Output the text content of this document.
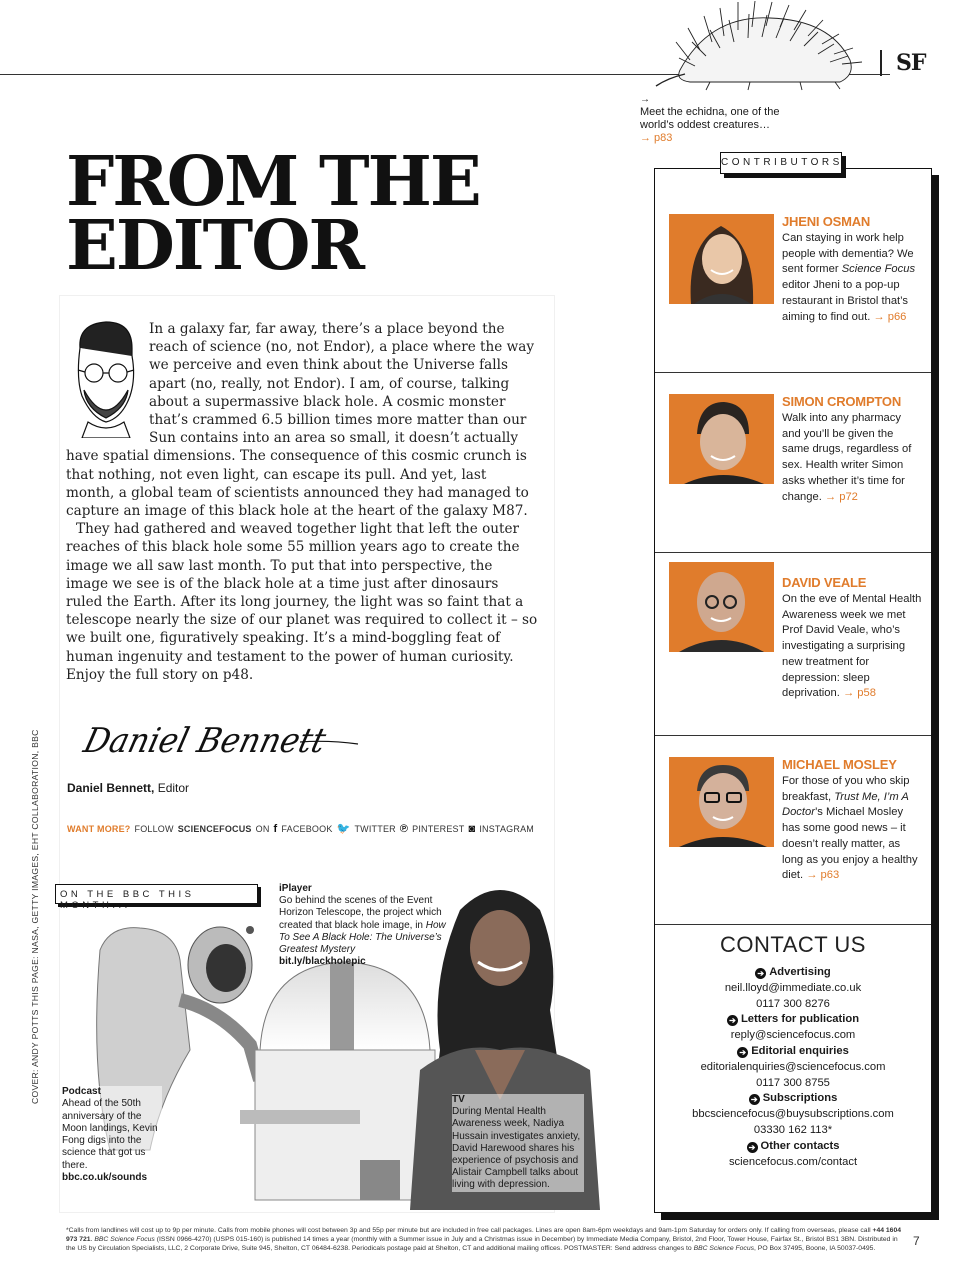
SF
→
Meet the echidna, one of the world’s oddest creatures… → p83
FROM THE
EDITOR

In a galaxy far, far away, there’s a place beyond the reach of science (no, not Endor), a place where the way we perceive and even think about the Universe falls apart (no, really, not Endor). I am, of course, talking about a supermassive black hole. A cosmic monster that’s crammed 6.5 billion times more matter than our Sun contains into an area so small, it doesn’t actually have spatial dimensions. The consequence of this cosmic crunch is that nothing, not even light, can escape its pull. And yet, last month, a global team of scientists announced they had managed to capture an image of this black hole at the heart of the galaxy M87.

They had gathered and weaved together light that left the outer reaches of this black hole some 55 million years ago to create the image we all saw last month. To put that into perspective, the image we see is of the black hole at a time just after dinosaurs ruled the Earth. After its long journey, the light was so faint that a telescope nearly the size of our planet was required to collect it – so we built one, figuratively speaking. It’s a mind-boggling feat of human ingenuity and testament to the power of human curiosity. Enjoy the full story on p48.

Daniel Bennett
Daniel Bennett, Editor
WANT MORE? FOLLOW SCIENCEFOCUS ON f FACEBOOK 🐦 TWITTER ℗ PINTEREST ◙ INSTAGRAM
ON THE BBC THIS MONTH...
iPlayer
Go behind the scenes of the Event Horizon Telescope, the project which created that black hole image, in How To See A Black Hole: The Universe’s Greatest Mystery
bit.ly/blackholepic
Podcast
Ahead of the 50th anniversary of the Moon landings, Kevin Fong digs into the science that got us there.
bbc.co.uk/sounds
TV
During Mental Health Awareness week, Nadiya Hussain investigates anxiety, David Harewood shares his experience of psychosis and Alistair Campbell talks about living with depression.
COVER: ANDY POTTS THIS PAGE: NASA, GETTY IMAGES, EHT COLLABORATION, BBC
CONTRIBUTORS
JHENI OSMAN
Can staying in work help people with dementia? We sent former Science Focus editor Jheni to a pop-up restaurant in Bristol that’s aiming to find out. → p66
SIMON CROMPTON
Walk into any pharmacy and you’ll be given the same drugs, regardless of sex. Health writer Simon asks whether it’s time for change. → p72
DAVID VEALE
On the eve of Mental Health Awareness week we met Prof David Veale, who’s investigating a surprising new treatment for depression: sleep deprivation. → p58
MICHAEL MOSLEY
For those of you who skip breakfast, Trust Me, I’m A Doctor’s Michael Mosley has some good news – it doesn’t really matter, as long as you enjoy a healthy diet. → p63
CONTACT US
➔ Advertising
neil.lloyd@immediate.co.uk
0117 300 8276
➔ Letters for publication
reply@sciencefocus.com
➔ Editorial enquiries
editorialenquiries@sciencefocus.com
0117 300 8755
➔ Subscriptions
bbcsciencefocus@buysubscriptions.com
03330 162 113*
➔ Other contacts
sciencefocus.com/contact
*Calls from landlines will cost up to 9p per minute. Calls from mobile phones will cost between 3p and 55p per minute but are included in free call packages. Lines are open 8am-6pm weekdays and 9am-1pm Saturday for orders only. If calling from overseas, please call +44 1604 973 721. BBC Science Focus (ISSN 0966-4270) (USPS 015-160) is published 14 times a year (monthly with a Summer issue in July and a Christmas issue in December) by Immediate Media Company, Bristol, 2nd Floor, Tower House, Fairfax St., Bristol BS1 3BN. Distributed in the US by Circulation Specialists, LLC, 2 Corporate Drive, Suite 945, Shelton, CT 06484-6238. Periodicals postage paid at Shelton, CT and additional mailing offices. POSTMASTER: Send address changes to BBC Science Focus, PO Box 37495, Boone, IA 50037-0495.
7
